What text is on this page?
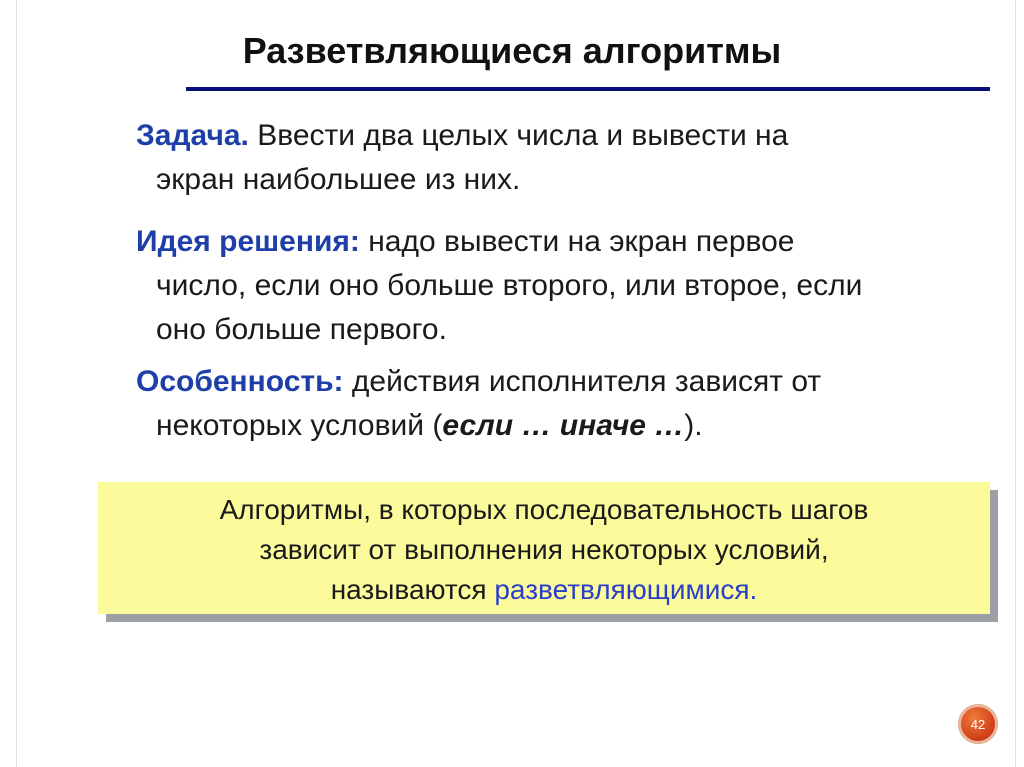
Разветвляющиеся алгоритмы
Задача. Ввести два целых числа и вывести на
экран наибольшее из них.
Идея решения: надо вывести на экран первое
число, если оно больше второго, или второе, если
оно больше первого.
Особенность: действия исполнителя зависят от
некоторых условий (если … иначе …).
Алгоритмы, в которых последовательность шагов
зависит от выполнения некоторых условий,
называются разветвляющимися.
42
